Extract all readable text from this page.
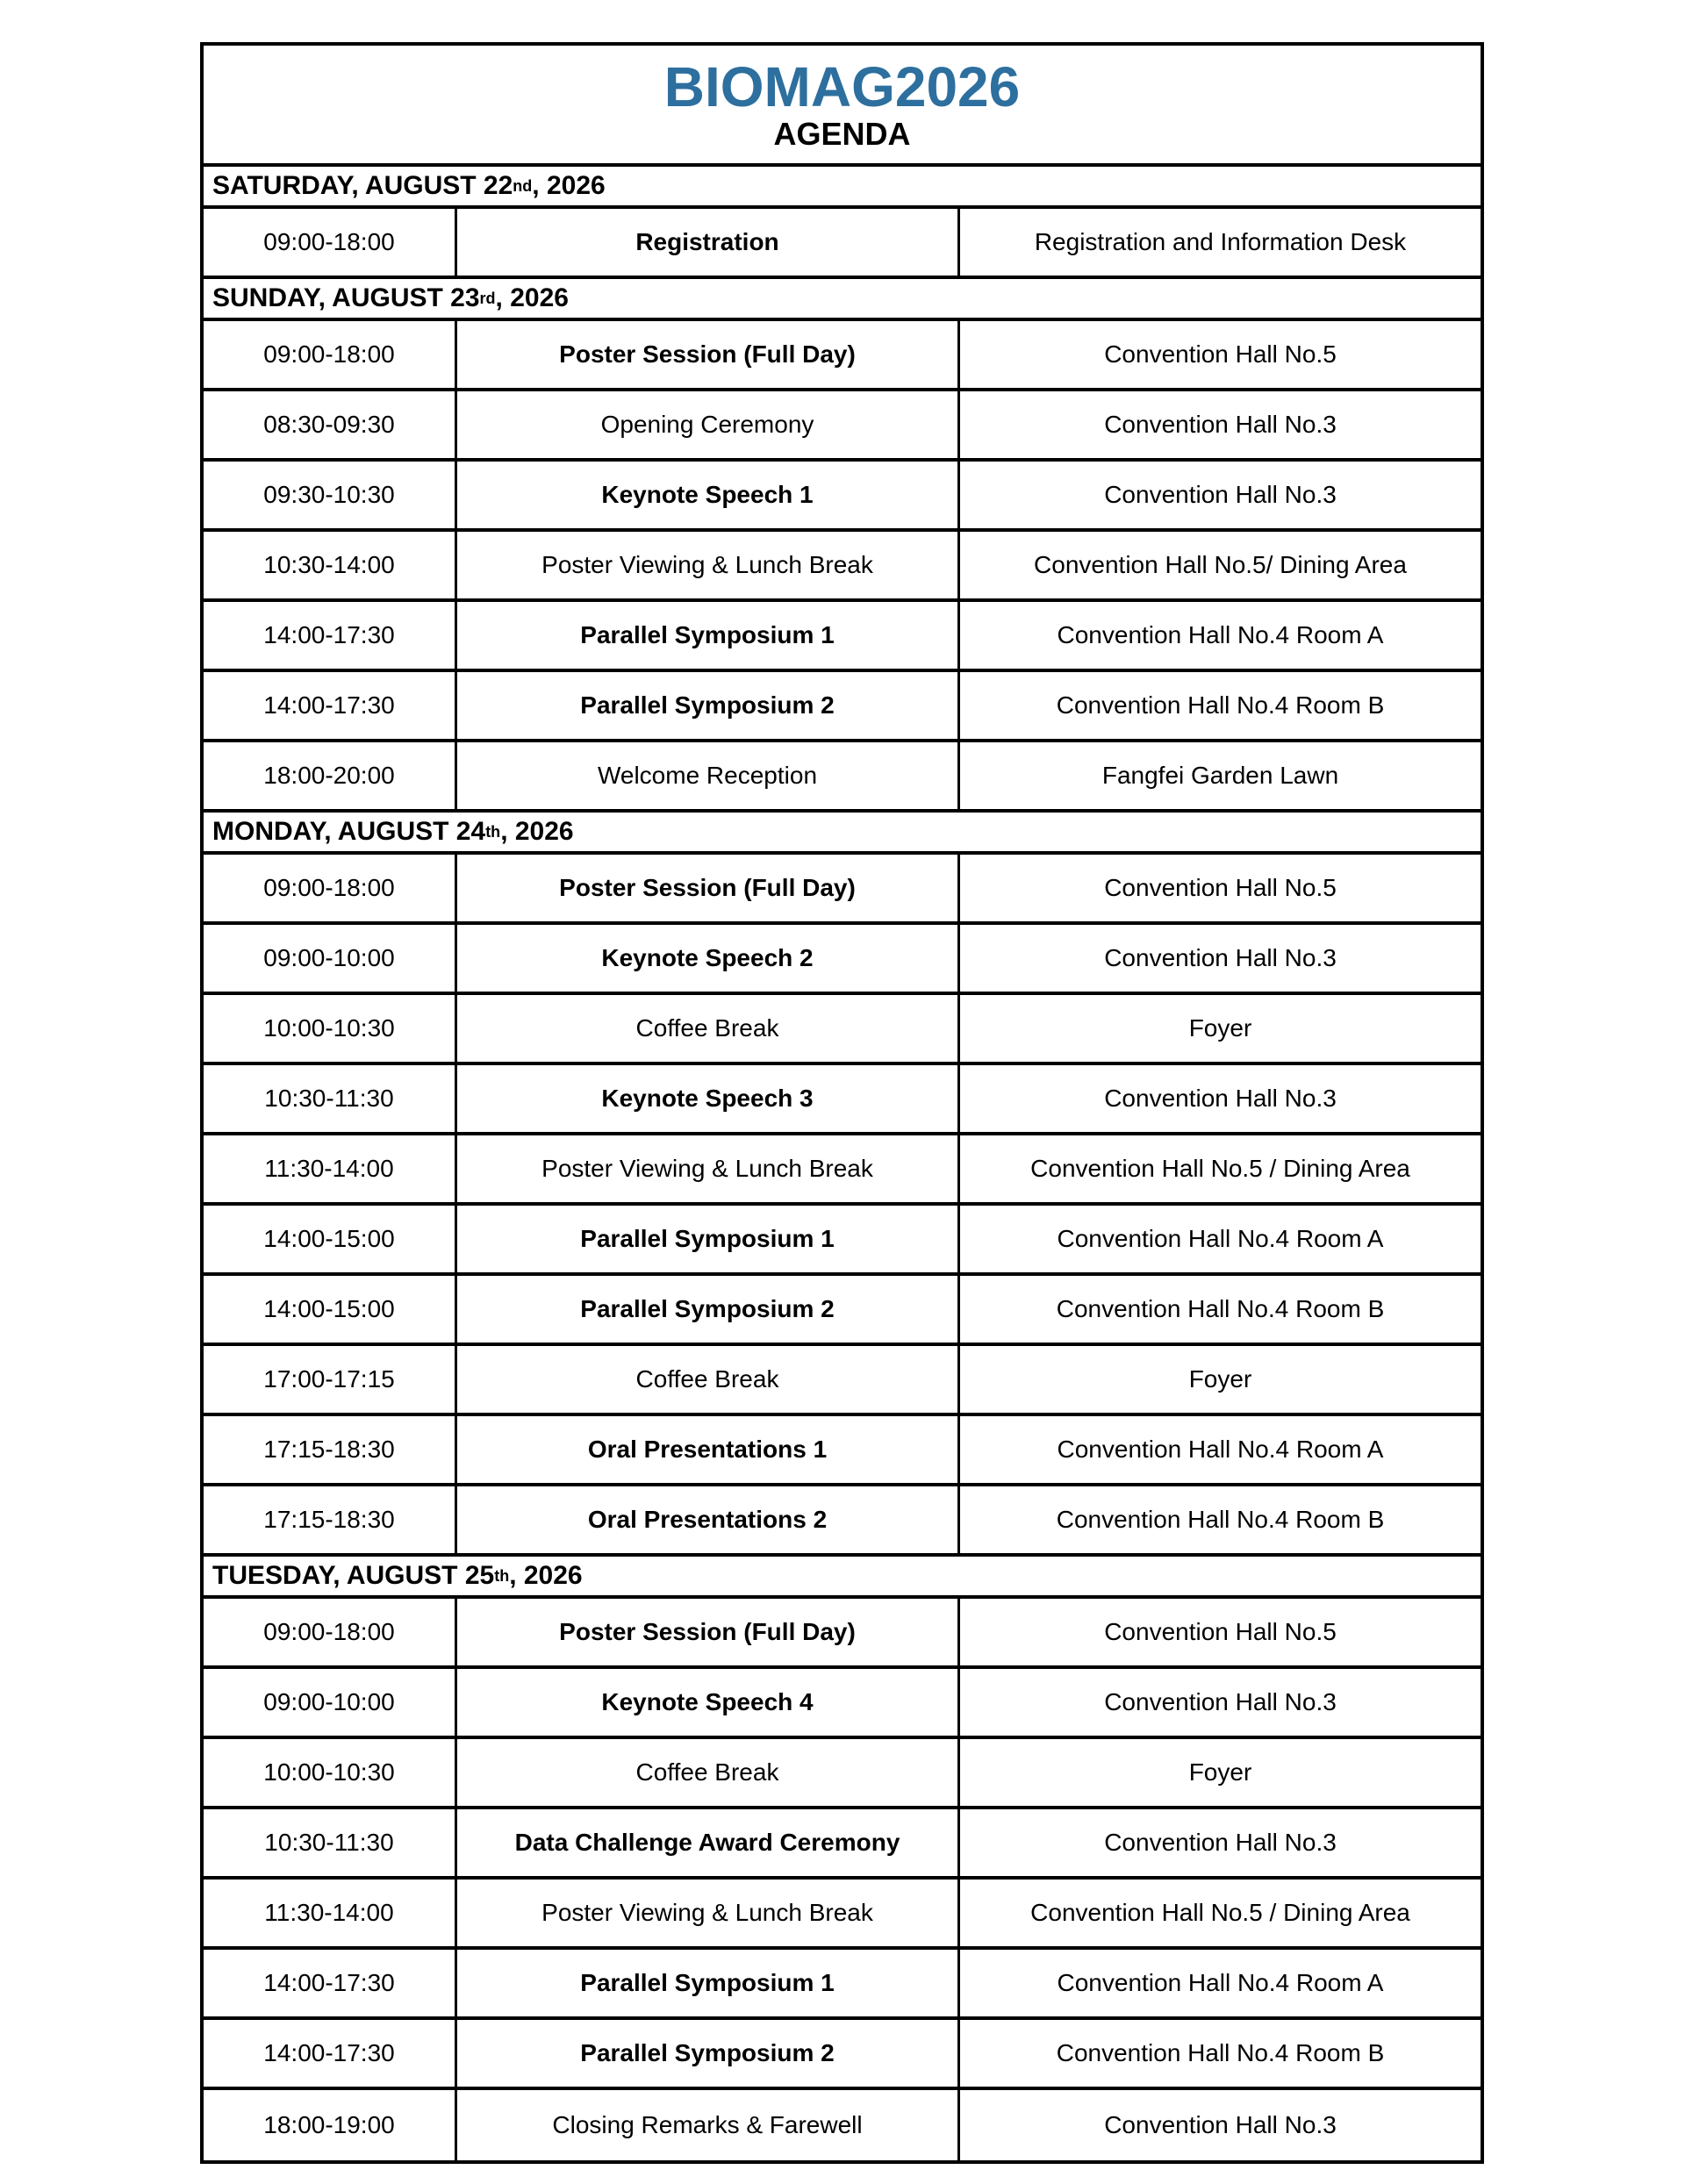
BIOMAG2026
AGENDA
SATURDAY, AUGUST 22 nd , 2026
09:00-18:00	Registration	Registration and Information Desk
SUNDAY, AUGUST 23 rd , 2026
09:00-18:00	Poster Session (Full Day)	Convention Hall No.5
08:30-09:30	Opening Ceremony	Convention Hall No.3
09:30-10:30	Keynote Speech 1	Convention Hall No.3
10:30-14:00	Poster Viewing & Lunch Break	Convention Hall No.5/ Dining Area
14:00-17:30	Parallel Symposium 1	Convention Hall No.4 Room A
14:00-17:30	Parallel Symposium 2	Convention Hall No.4 Room B
18:00-20:00	Welcome Reception	Fangfei Garden Lawn
MONDAY, AUGUST 24 th , 2026
09:00-18:00	Poster Session (Full Day)	Convention Hall No.5
09:00-10:00	Keynote Speech 2	Convention Hall No.3
10:00-10:30	Coffee Break	Foyer
10:30-11:30	Keynote Speech 3	Convention Hall No.3
11:30-14:00	Poster Viewing & Lunch Break	Convention Hall No.5 / Dining Area
14:00-15:00	Parallel Symposium 1	Convention Hall No.4 Room A
14:00-15:00	Parallel Symposium 2	Convention Hall No.4 Room B
17:00-17:15	Coffee Break	Foyer
17:15-18:30	Oral Presentations 1	Convention Hall No.4 Room A
17:15-18:30	Oral Presentations 2	Convention Hall No.4 Room B
TUESDAY, AUGUST 25 th , 2026
09:00-18:00	Poster Session (Full Day)	Convention Hall No.5
09:00-10:00	Keynote Speech 4	Convention Hall No.3
10:00-10:30	Coffee Break	Foyer
10:30-11:30	Data Challenge Award Ceremony	Convention Hall No.3
11:30-14:00	Poster Viewing & Lunch Break	Convention Hall No.5 / Dining Area
14:00-17:30	Parallel Symposium 1	Convention Hall No.4 Room A
14:00-17:30	Parallel Symposium 2	Convention Hall No.4 Room B
18:00-19:00	Closing Remarks & Farewell	Convention Hall No.3
